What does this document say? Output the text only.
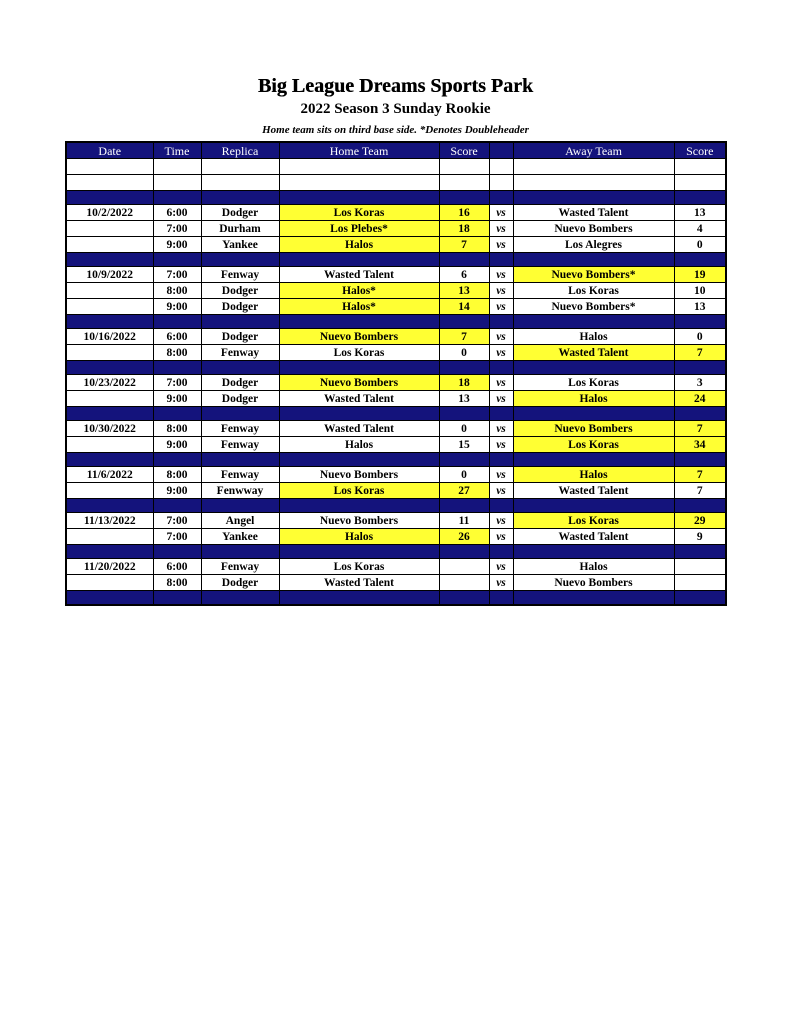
Big League Dreams Sports Park
2022 Season 3 Sunday Rookie
Home team sits on third base side. *Denotes Doubleheader
Date	Time	Replica	Home Team	Score		Away Team	Score

10/2/2022	6:00	Dodger	Los Koras	16	vs	Wasted Talent	13
	7:00	Durham	Los Plebes*	18	vs	Nuevo Bombers	4
	9:00	Yankee	Halos	7	vs	Los Alegres	0

10/9/2022	7:00	Fenway	Wasted Talent	6	vs	Nuevo Bombers*	19
	8:00	Dodger	Halos*	13	vs	Los Koras	10
	9:00	Dodger	Halos*	14	vs	Nuevo Bombers*	13

10/16/2022	6:00	Dodger	Nuevo Bombers	7	vs	Halos	0
	8:00	Fenway	Los Koras	0	vs	Wasted Talent	7

10/23/2022	7:00	Dodger	Nuevo Bombers	18	vs	Los Koras	3
	9:00	Dodger	Wasted Talent	13	vs	Halos	24

10/30/2022	8:00	Fenway	Wasted Talent	0	vs	Nuevo Bombers	7
	9:00	Fenway	Halos	15	vs	Los Koras	34

11/6/2022	8:00	Fenway	Nuevo Bombers	0	vs	Halos	7
	9:00	Fenwway	Los Koras	27	vs	Wasted Talent	7

11/13/2022	7:00	Angel	Nuevo Bombers	11	vs	Los Koras	29
	7:00	Yankee	Halos	26	vs	Wasted Talent	9

11/20/2022	6:00	Fenway	Los Koras		vs	Halos	
	8:00	Dodger	Wasted Talent		vs	Nuevo Bombers	
